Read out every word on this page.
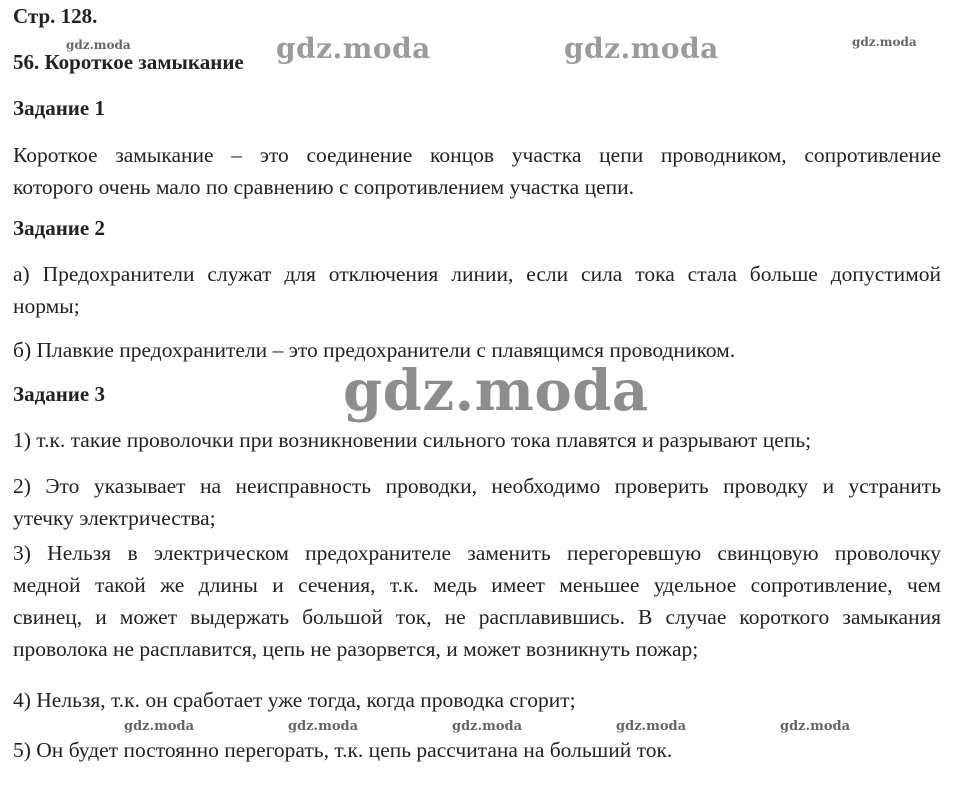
Стр. 128.
56. Короткое замыкание
Задание 1
Короткое замыкание – это соединение концов участка цепи проводником, сопротивление
которого очень мало по сравнению с сопротивлением участка цепи.
Задание 2
а) Предохранители служат для отключения линии, если сила тока стала больше допустимой
нормы;
б) Плавкие предохранители – это предохранители с плавящимся проводником.
Задание 3
1) т.к. такие проволочки при возникновении сильного тока плавятся и разрывают цепь;
2) Это указывает на неисправность проводки, необходимо проверить проводку и устранить
утечку электричества;
3) Нельзя в электрическом предохранителе заменить перегоревшую свинцовую проволочку
медной такой же длины и сечения, т.к. медь имеет меньшее удельное сопротивление, чем
свинец, и может выдержать большой ток, не расплавившись. В случае короткого замыкания
проволока не расплавится, цепь не разорвется, и может возникнуть пожар;
4) Нельзя, т.к. он сработает уже тогда, когда проводка сгорит;
5) Он будет постоянно перегорать, т.к. цепь рассчитана на больший ток.
gdz.moda	gdz.moda	gdz.moda	gdz.moda
gdz.moda
gdz.moda	gdz.moda	gdz.moda	gdz.moda	gdz.moda
